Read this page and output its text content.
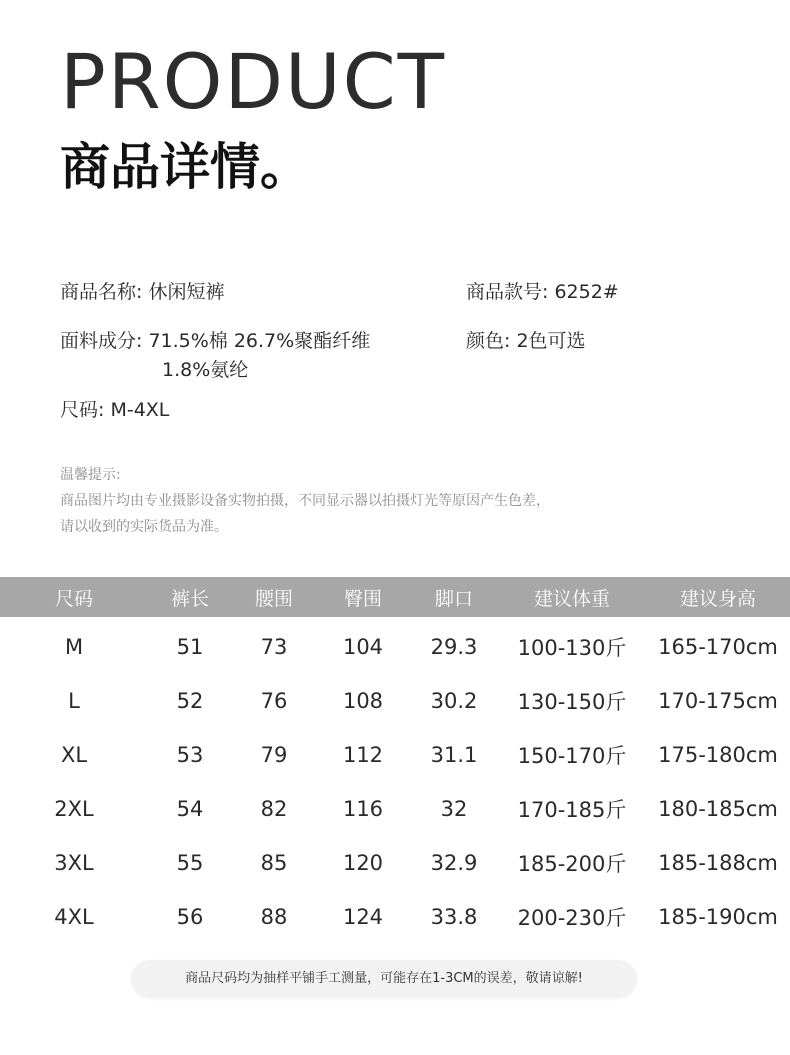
PRODUCT
商品详情。
商品名称: 休闲短裤	商品款号: 6252#
面料成分: 71.5%棉 26.7%聚酯纤维
1.8%氨纶
颜色: 2色可选
尺码: M-4XL
温馨提示:
商品图片均由专业摄影设备实物拍摄，不同显示器以拍摄灯光等原因产生色差，
请以收到的实际货品为准。
尺码	裤长	腰围	臀围	脚口	建议体重	建议身高
M	51	73	104	29.3	100-130斤	165-170cm
L	52	76	108	30.2	130-150斤	170-175cm
XL	53	79	112	31.1	150-170斤	175-180cm
2XL	54	82	116	32	170-185斤	180-185cm
3XL	55	85	120	32.9	185-200斤	185-188cm
4XL	56	88	124	33.8	200-230斤	185-190cm
商品尺码均为抽样平铺手工测量，可能存在1-3CM的误差，敬请谅解!
